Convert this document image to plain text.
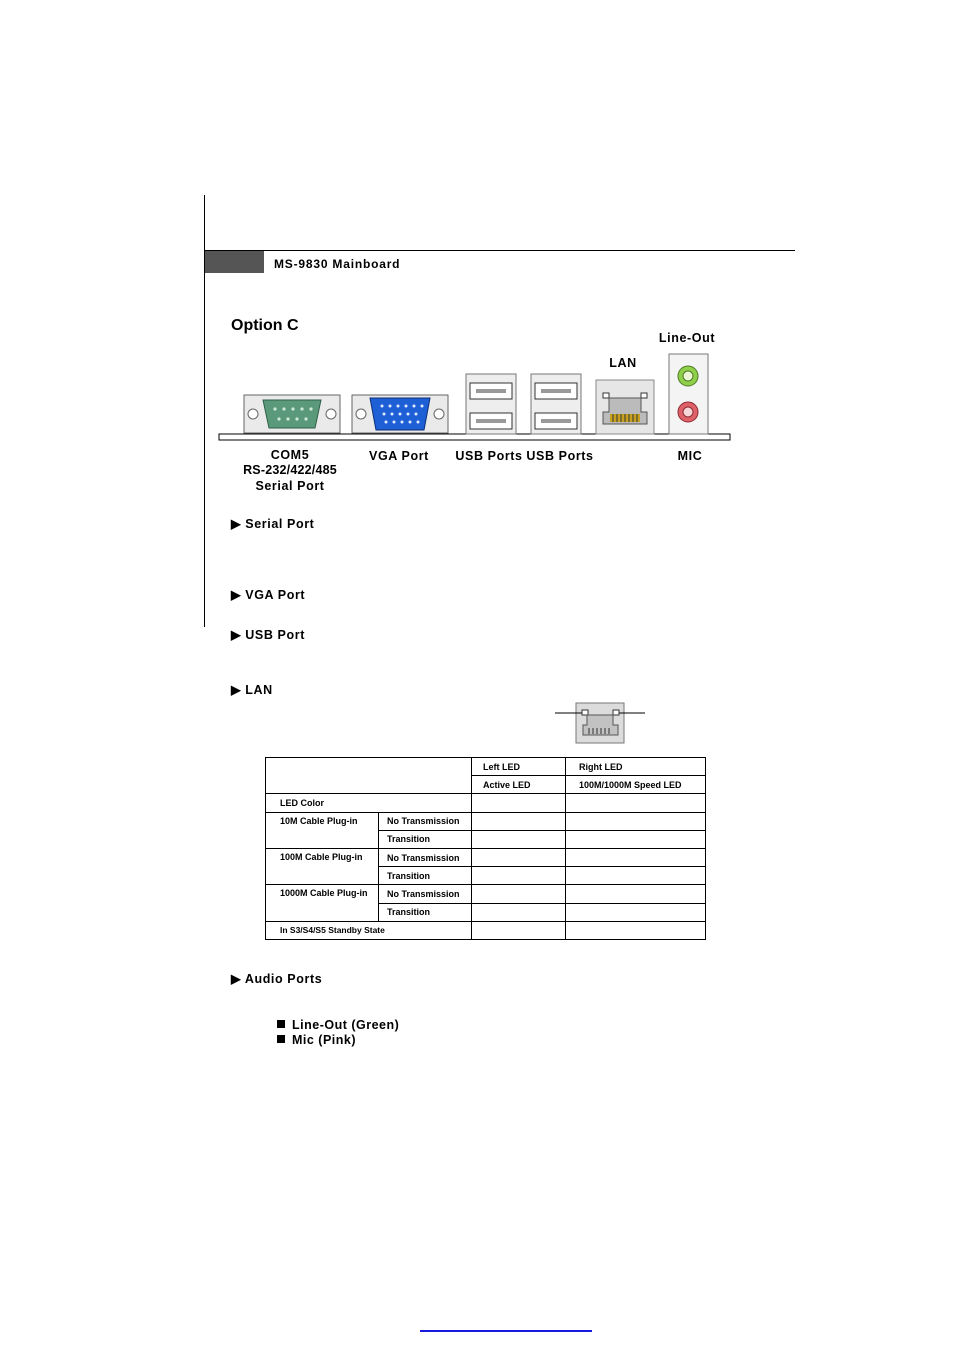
MS-9830 Mainboard
Option C
Line-Out
LAN
COM5
RS-232/422/485
Serial Port
VGA Port	USB Ports USB Ports	MIC
▶ Serial Port
▶ VGA Port
▶ USB Port
▶ LAN
		Left LED	Right LED
		Active LED	100M/1000M Speed LED
LED Color			
10M Cable Plug-in	No Transmission		
	Transition		
100M Cable Plug-in	No Transmission		
	Transition		
1000M Cable Plug-in	No Transmission		
	Transition		
In S3/S4/S5 Standby State			
▶ Audio Ports
Line-Out (Green)
Mic (Pink)
